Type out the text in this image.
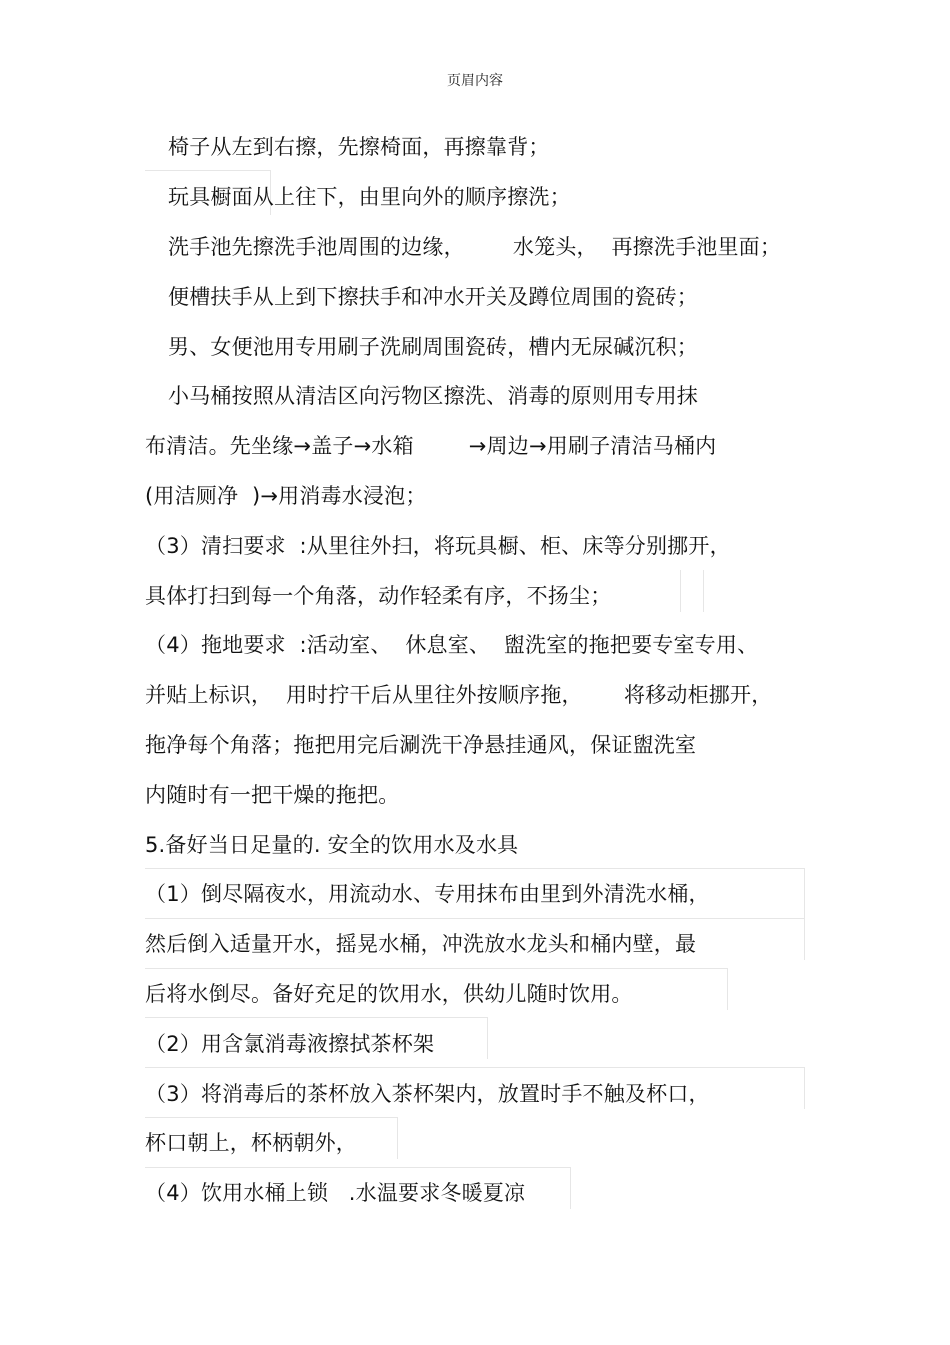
页眉内容
椅子从左到右擦，先擦椅面，再擦靠背；
玩具橱面从上往下，由里向外的顺序擦洗；
洗手池先擦洗手池周围的边缘，       水笼头，  再擦洗手池里面；
便槽扶手从上到下擦扶手和冲水开关及蹲位周围的瓷砖；
男、女便池用专用刷子洗刷周围瓷砖，槽内无尿碱沉积；
小马桶按照从清洁区向污物区擦洗、消毒的原则用专用抹
布清洁。先坐缘→盖子→水箱        →周边→用刷子清洁马桶内
(用洁厕净  )→用消毒水浸泡；
（3）清扫要求  :从里往外扫，将玩具橱、柜、床等分别挪开，
具体打扫到每一个角落，动作轻柔有序，不扬尘；
（4）拖地要求  :活动室、  休息室、  盥洗室的拖把要专室专用、
并贴上标识，  用时拧干后从里往外按顺序拖，      将移动柜挪开，
拖净每个角落；拖把用完后涮洗干净悬挂通风，保证盥洗室
内随时有一把干燥的拖把。
5.备好当日足量的. 安全的饮用水及水具
（1）倒尽隔夜水，用流动水、专用抹布由里到外清洗水桶，
然后倒入适量开水，摇晃水桶，冲洗放水龙头和桶内壁，最
后将水倒尽。备好充足的饮用水，供幼儿随时饮用。
（2）用含氯消毒液擦拭茶杯架
（3）将消毒后的茶杯放入茶杯架内，放置时手不触及杯口，
杯口朝上，杯柄朝外，
（4）饮用水桶上锁   .水温要求冬暖夏凉
